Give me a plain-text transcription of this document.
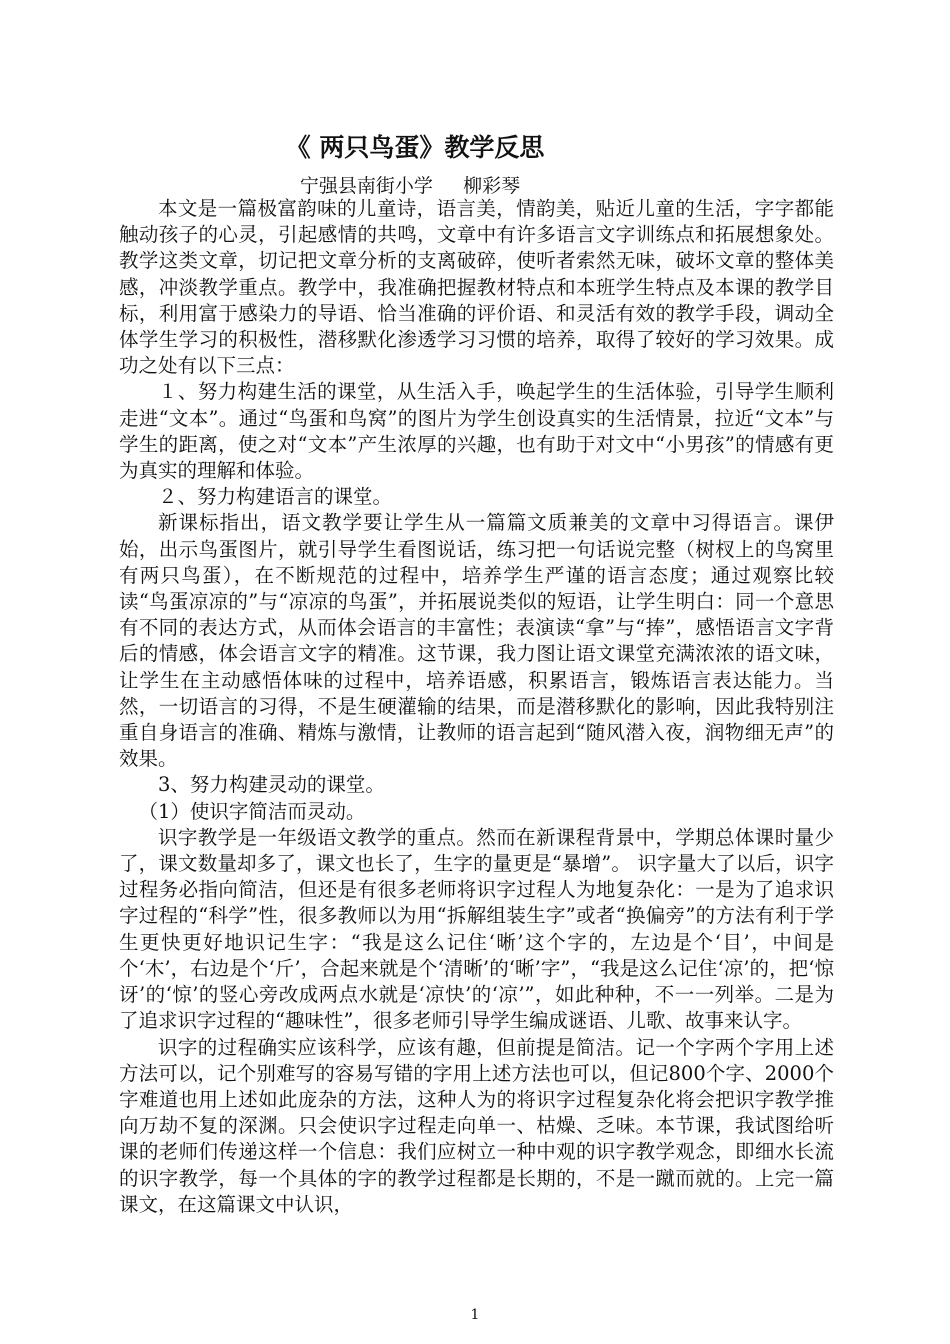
《 两只鸟蛋》教学反思
宁强县南街小学     柳彩琴

本文是一篇极富韵味的儿童诗，语言美，情韵美，贴近儿童的生活，字字都能触动孩子的心灵，引起感情的共鸣，文章中有许多语言文字训练点和拓展想象处。教学这类文章，切记把文章分析的支离破碎，使听者索然无味，破坏文章的整体美感，冲淡教学重点。教学中，我准确把握教材特点和本班学生特点及本课的教学目标，利用富于感染力的导语、恰当准确的评价语、和灵活有效的教学手段，调动全体学生学习的积极性，潜移默化渗透学习习惯的培养，取得了较好的学习效果。成功之处有以下三点：

１、努力构建生活的课堂，从生活入手，唤起学生的生活体验，引导学生顺利走进“文本”。通过“鸟蛋和鸟窝”的图片为学生创设真实的生活情景，拉近“文本”与学生的距离，使之对“文本”产生浓厚的兴趣，也有助于对文中“小男孩”的情感有更为真实的理解和体验。

２、努力构建语言的课堂。

新课标指出，语文教学要让学生从一篇篇文质兼美的文章中习得语言。课伊始，出示鸟蛋图片，就引导学生看图说话，练习把一句话说完整（树杈上的鸟窝里有两只鸟蛋），在不断规范的过程中，培养学生严谨的语言态度；通过观察比较读“鸟蛋凉凉的”与“凉凉的鸟蛋”，并拓展说类似的短语，让学生明白：同一个意思有不同的表达方式，从而体会语言的丰富性；表演读“拿”与“捧”，感悟语言文字背后的情感，体会语言文字的精准。这节课，我力图让语文课堂充满浓浓的语文味，让学生在主动感悟体味的过程中，培养语感，积累语言，锻炼语言表达能力。当然，一切语言的习得，不是生硬灌输的结果，而是潜移默化的影响，因此我特别注重自身语言的准确、精炼与激情，让教师的语言起到“随风潜入夜，润物细无声”的效果。

3、努力构建灵动的课堂。

（1）使识字简洁而灵动。

识字教学是一年级语文教学的重点。然而在新课程背景中，学期总体课时量少了，课文数量却多了，课文也长了，生字的量更是“暴增”。 识字量大了以后，识字过程务必指向简洁，但还是有很多老师将识字过程人为地复杂化：一是为了追求识字过程的“科学”性，很多教师以为用“拆解组装生字”或者“换偏旁”的方法有利于学生更快更好地识记生字：“我是这么记住‘晰’这个字的，左边是个‘目’，中间是个‘木’，右边是个‘斤’，合起来就是个‘清晰’的‘晰’字”，“我是这么记住‘凉’的，把‘惊讶’的‘惊’的竖心旁改成两点水就是‘凉快’的‘凉’”，如此种种，不一一列举。二是为了追求识字过程的“趣味性”，很多老师引导学生编成谜语、儿歌、故事来认字。

识字的过程确实应该科学，应该有趣，但前提是简洁。记一个字两个字用上述方法可以，记个别难写的容易写错的字用上述方法也可以，但记800个字、2000个字难道也用上述如此庞杂的方法，这种人为的将识字过程复杂化将会把识字教学推向万劫不复的深渊。只会使识字过程走向单一、枯燥、乏味。本节课，我试图给听课的老师们传递这样一个信息：我们应树立一种中观的识字教学观念，即细水长流的识字教学，每一个具体的字的教学过程都是长期的，不是一蹴而就的。上完一篇课文，在这篇课文中认识，

1
